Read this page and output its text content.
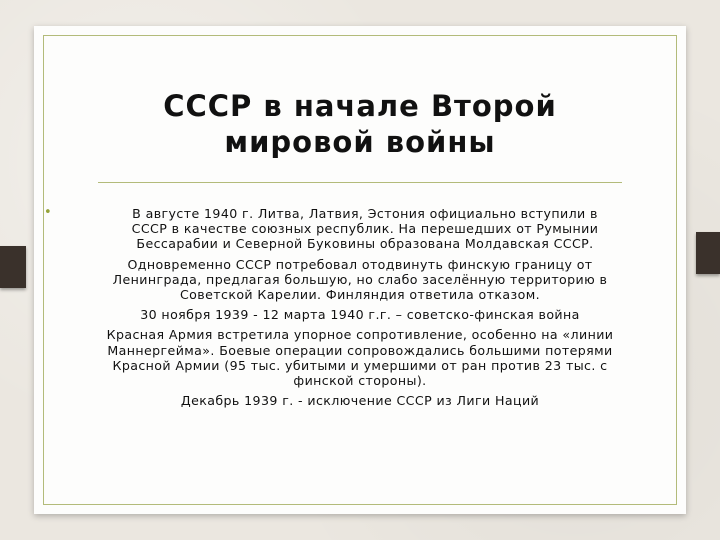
СССР в начале Второй
мировой войны

•	В августе 1940 г. Литва, Латвия, Эстония официально вступили в СССР в качестве союзных республик. На перешедших от Румынии Бессарабии и Северной Буковины образована Молдавская СССР.

Одновременно СССР потребовал отодвинуть финскую границу от Ленинграда, предлагая большую, но слабо заселённую территорию в Советской Карелии. Финляндия ответила отказом.

30 ноября 1939 - 12 марта 1940 г.г. – советско-финская война

Красная Армия встретила упорное сопротивление, особенно на «линии Маннергейма». Боевые операции сопровождались большими потерями Красной Армии (95 тыс. убитыми и умершими от ран против 23 тыс. с финской стороны).

Декабрь 1939 г. - исключение СССР из Лиги Наций
